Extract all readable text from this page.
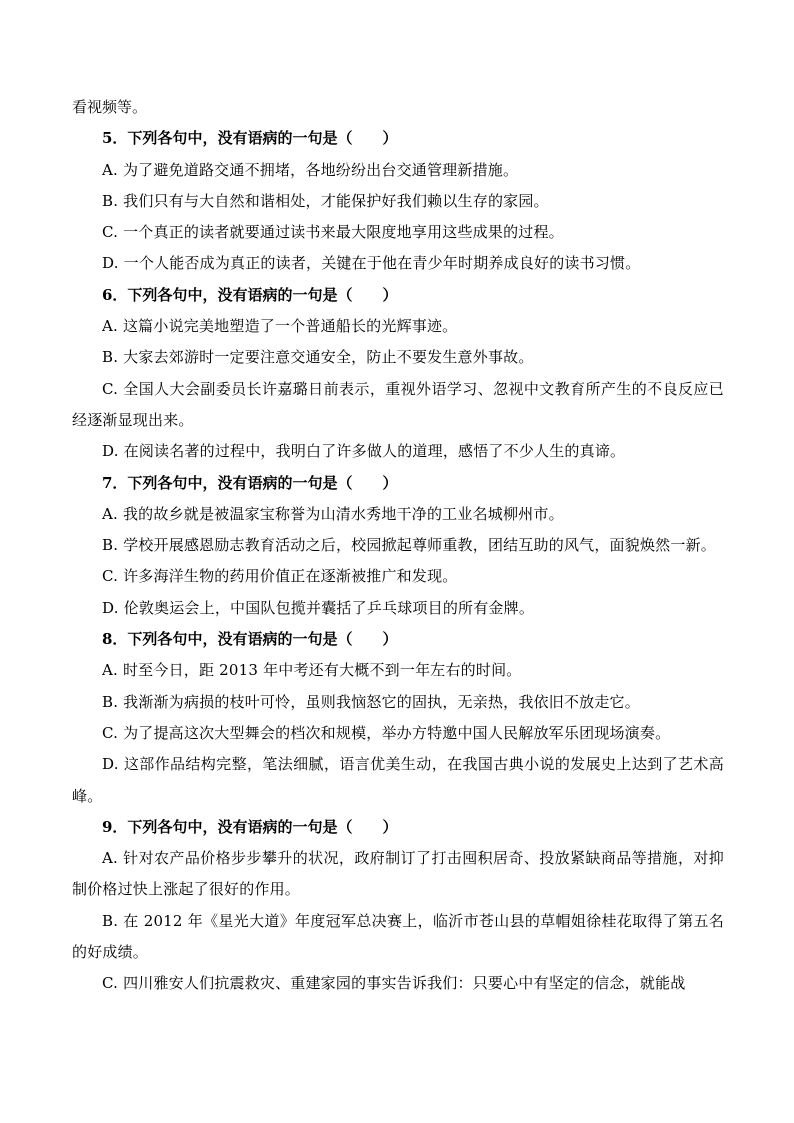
看视频等。

5．下列各句中，没有语病的一句是（　　）

A. 为了避免道路交通不拥堵，各地纷纷出台交通管理新措施。

B. 我们只有与大自然和谐相处，才能保护好我们赖以生存的家园。

C. 一个真正的读者就要通过读书来最大限度地享用这些成果的过程。

D. 一个人能否成为真正的读者，关键在于他在青少年时期养成良好的读书习惯。

6．下列各句中，没有语病的一句是（　　）

A. 这篇小说完美地塑造了一个普通船长的光辉事迹。

B. 大家去郊游时一定要注意交通安全，防止不要发生意外事故。

C. 全国人大会副委员长许嘉璐日前表示，重视外语学习、忽视中文教育所产生的不良反应已经逐渐显现出来。

D. 在阅读名著的过程中，我明白了许多做人的道理，感悟了不少人生的真谛。

7．下列各句中，没有语病的一句是（　　）

A. 我的故乡就是被温家宝称誉为山清水秀地干净的工业名城柳州市。

B. 学校开展感恩励志教育活动之后，校园掀起尊师重教，团结互助的风气，面貌焕然一新。

C. 许多海洋生物的药用价值正在逐渐被推广和发现。

D. 伦敦奥运会上，中国队包揽并囊括了乒乓球项目的所有金牌。

8．下列各句中，没有语病的一句是（　　）

A. 时至今日，距 2013 年中考还有大概不到一年左右的时间。

B. 我渐渐为病损的枝叶可怜，虽则我恼怒它的固执，无亲热，我依旧不放走它。

C. 为了提高这次大型舞会的档次和规模，举办方特邀中国人民解放军乐团现场演奏。

D. 这部作品结构完整，笔法细腻，语言优美生动，在我国古典小说的发展史上达到了艺术高峰。

9．下列各句中，没有语病的一句是（　　）

A. 针对农产品价格步步攀升的状况，政府制订了打击囤积居奇、投放紧缺商品等措施，对抑制价格过快上涨起了很好的作用。

B. 在 2012 年《星光大道》年度冠军总决赛上，临沂市苍山县的草帽姐徐桂花取得了第五名的好成绩。

C. 四川雅安人们抗震救灾、重建家园的事实告诉我们：只要心中有坚定的信念，就能战
